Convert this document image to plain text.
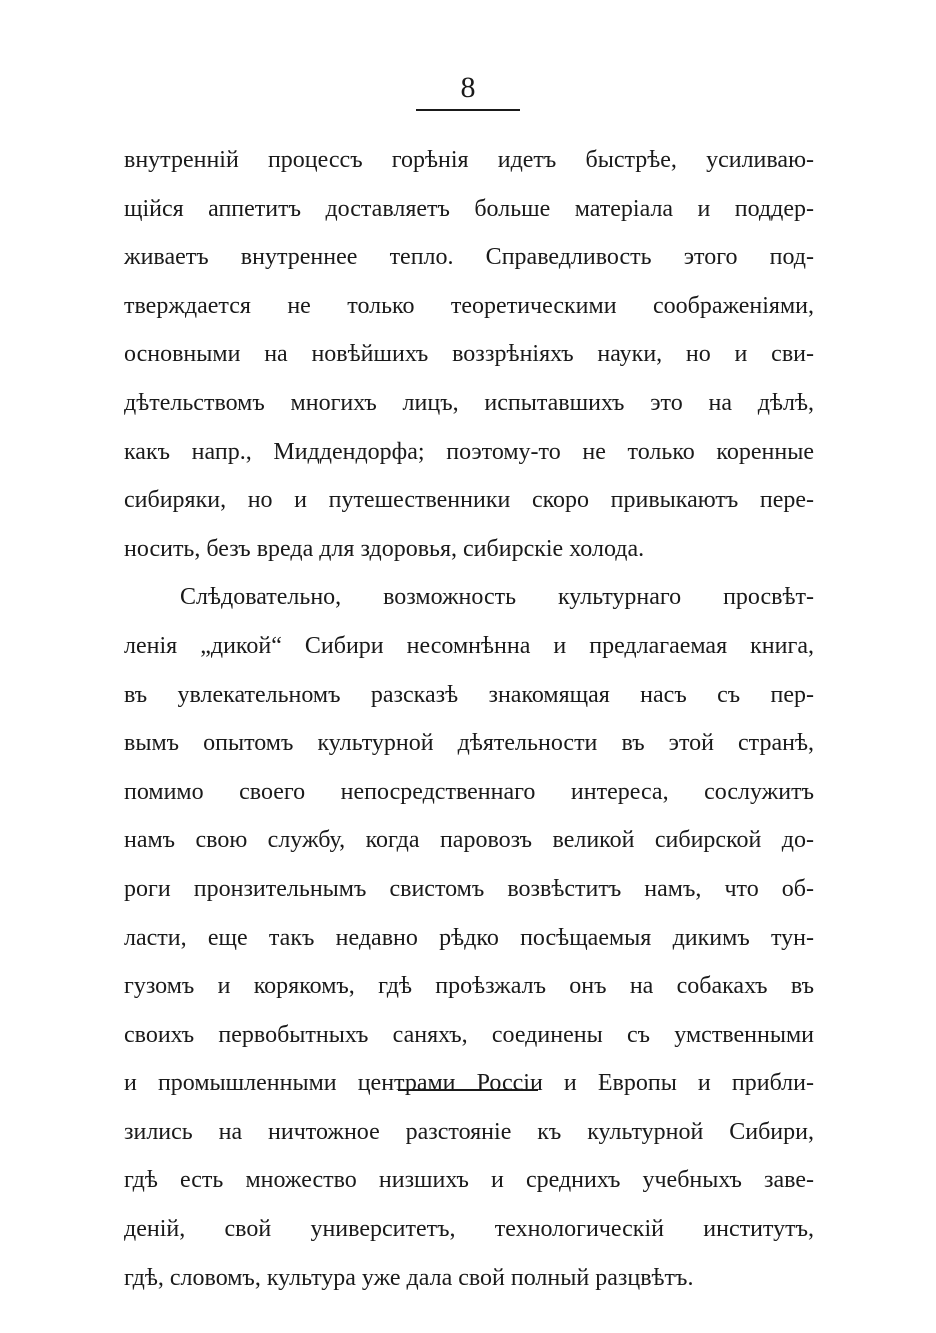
8
внутреннiй процессъ горѣнiя идетъ быстрѣе, усиливаю-
щiйся аппетитъ доставляетъ больше матерiала и поддер-
живаетъ внутреннее тепло. Справедливость этого под-
тверждается не только теоретическими соображенiями,
основными на новѣйшихъ воззрѣнiяхъ науки, но и сви-
дѣтельствомъ многихъ лицъ, испытавшихъ это на дѣлѣ,
какъ напр., Миддендорфа; поэтому-то не только коренные
сибиряки, но и путешественники скоро привыкаютъ пере-
носить, безъ вреда для здоровья, сибирскiе холода.
Слѣдовательно, возможность культурнаго просвѣт-
ленiя „дикой“ Сибири несомнѣнна и предлагаемая книга,
въ увлекательномъ разсказѣ знакомящая насъ съ пер-
вымъ опытомъ культурной дѣятельности въ этой странѣ,
помимо своего непосредственнаго интереса, сослужитъ
намъ свою службу, когда паровозъ великой сибирской до-
роги пронзительнымъ свистомъ возвѣститъ намъ, что об-
ласти, еще такъ недавно рѣдко посѣщаемыя дикимъ тун-
гузомъ и корякомъ, гдѣ проѣзжалъ онъ на собакахъ въ
своихъ первобытныхъ саняхъ, соединены съ умственными
и промышленными центрами Россiи и Европы и прибли-
зились на ничтожное разстоянiе къ культурной Сибири,
гдѣ есть множество низшихъ и среднихъ учебныхъ заве-
денiй, свой университетъ, технологическiй институтъ,
гдѣ, словомъ, культура уже дала свой полный разцвѣтъ.
